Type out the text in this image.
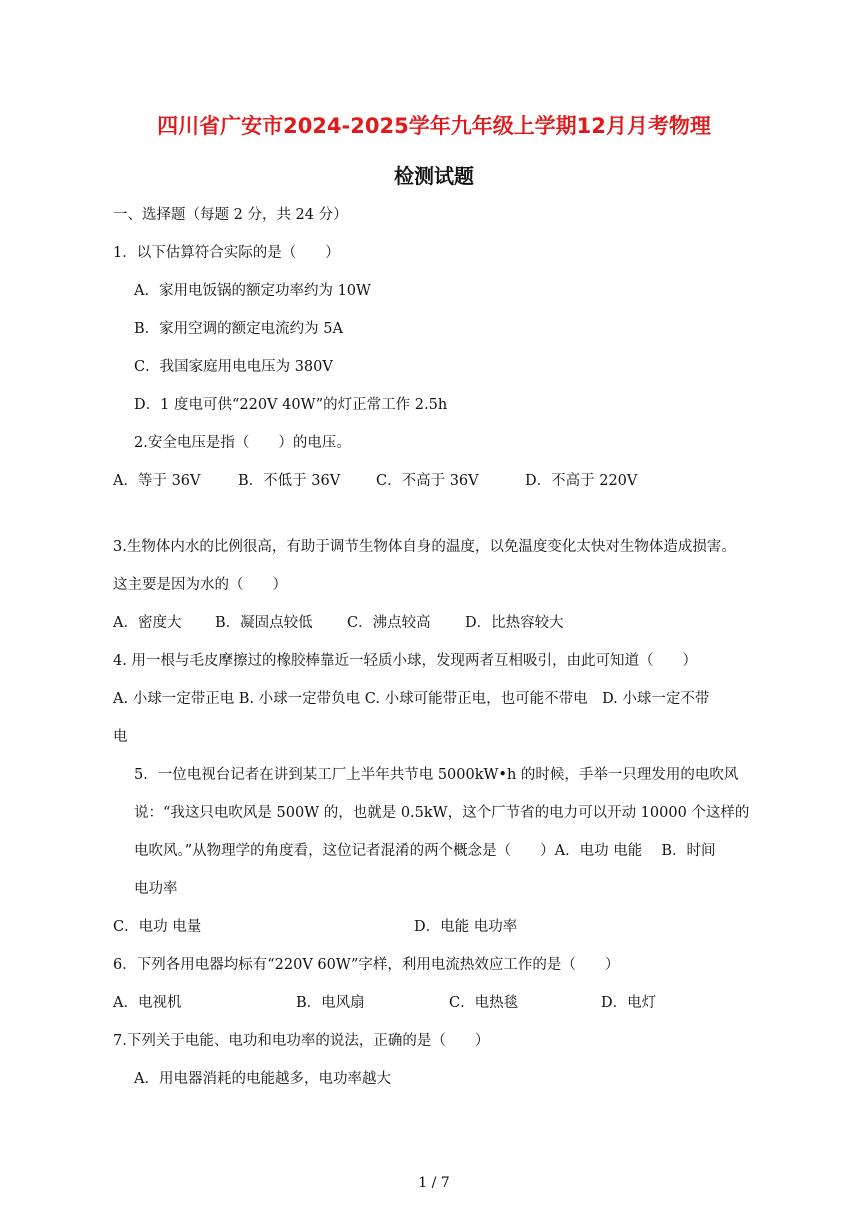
四川省广安市2024-2025学年九年级上学期12月月考物理
检测试题
一、选择题（每题 2 分，共 24 分）
1．以下估算符合实际的是（　　）
A．家用电饭锅的额定功率约为 10W
B．家用空调的额定电流约为 5A
C．我国家庭用电电压为 380V
D．1 度电可供“220V 40W”的灯正常工作 2.5h
2.安全电压是指（　　）的电压。
A．等于 36V	B．不低于 36V C．不高于 36V	D．不高于 220V
3.生物体内水的比例很高，有助于调节生物体自身的温度，以免温度变化太快对生物体造成损害。
这主要是因为水的（　　）
A．密度大 B．凝固点较低 C．沸点较高 D．比热容较大
4. 用一根与毛皮摩擦过的橡胶棒靠近一轻质小球，发现两者互相吸引，由此可知道（　　）
A. 小球一定带正电 B. 小球一定带负电 C. 小球可能带正电，也可能不带电　D. 小球一定不带
电
5．一位电视台记者在讲到某工厂上半年共节电 5000kW•h 的时候，手举一只理发用的电吹风
说：“我这只电吹风是 500W 的，也就是 0.5kW，这个厂节省的电力可以开动 10000 个这样的
电吹风。”从物理学的角度看，这位记者混淆的两个概念是（　　）A．电功 电能　 B．时间
电功率
C．电功 电量	D．电能 电功率
6．下列各用电器均标有“220V 60W”字样，利用电流热效应工作的是（　　）
A．电视机	B．电风扇	C．电热毯	D．电灯
7.下列关于电能、电功和电功率的说法，正确的是（　　）
A．用电器消耗的电能越多，电功率越大
1 / 7
